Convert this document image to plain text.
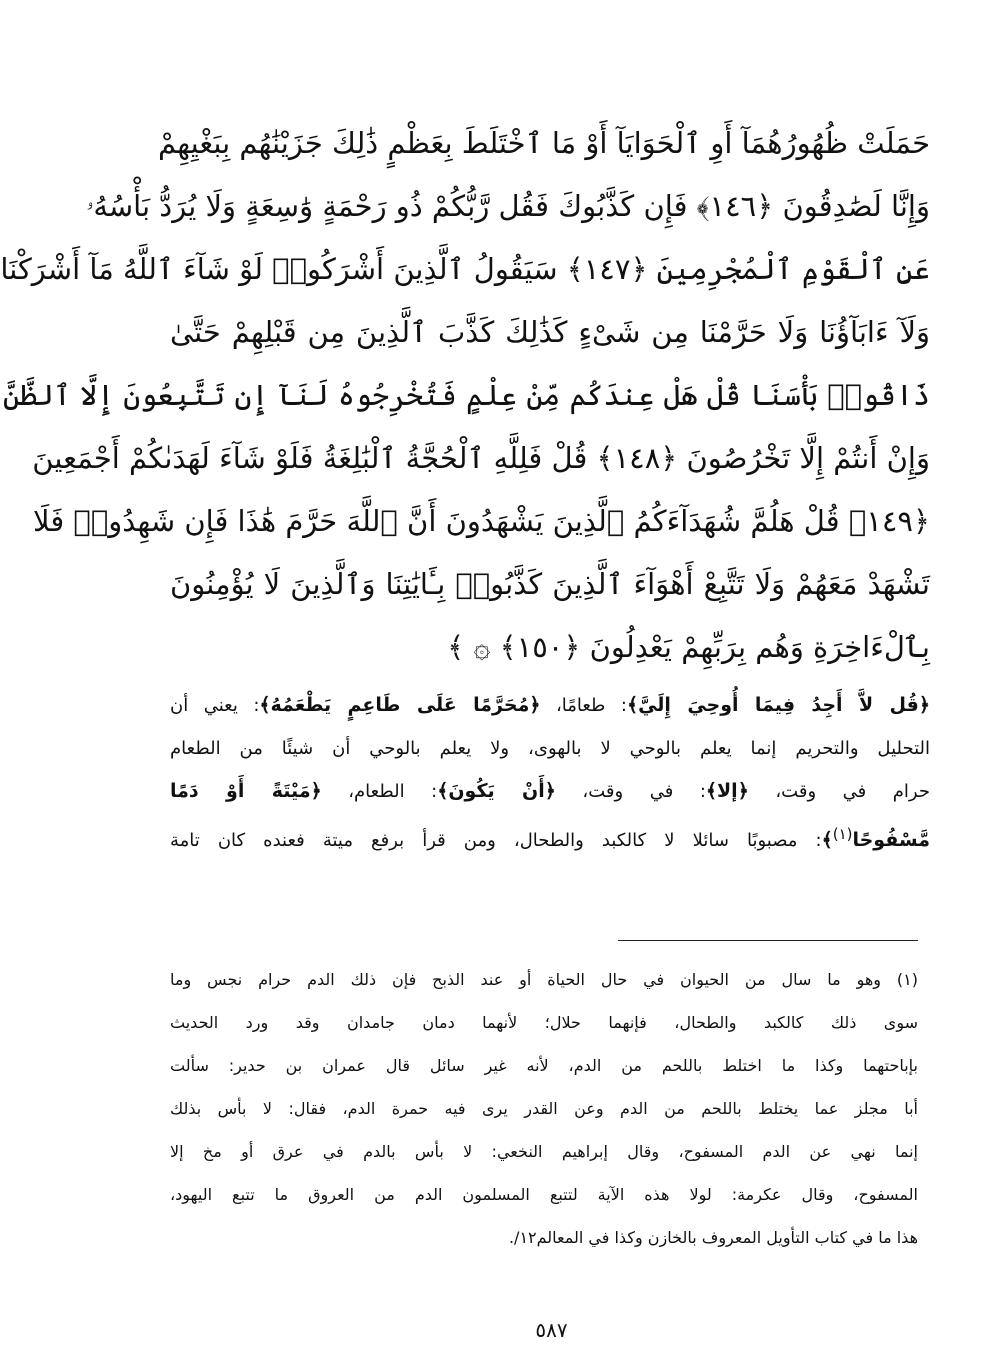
حَمَلَتْ ظُهُورُهُمَآ أَوِ ٱلْحَوَايَآ أَوْ مَا ٱخْتَلَطَ بِعَظْمٍ ذَٰلِكَ جَزَيْنَٰهُم بِبَغْيِهِمْ
وَإِنَّا لَصَٰدِقُونَ ﴿١٤٦﴾ فَإِن كَذَّبُوكَ فَقُل رَّبُّكُمْ ذُو رَحْمَةٍ وَٰسِعَةٍ وَلَا يُرَدُّ بَأْسُهُۥ
عَنِ ٱلْقَوْمِ ٱلْمُجْرِمِينَ ﴿١٤٧﴾ سَيَقُولُ ٱلَّذِينَ أَشْرَكُوا۟ لَوْ شَآءَ ٱللَّهُ مَآ أَشْرَكْنَا
وَلَآ ءَابَآؤُنَا وَلَا حَرَّمْنَا مِن شَىْءٍ كَذَٰلِكَ كَذَّبَ ٱلَّذِينَ مِن قَبْلِهِمْ حَتَّىٰ
ذَاقُوا۟ بَأْسَنَا قُلْ هَلْ عِندَكُم مِّنْ عِلْمٍ فَتُخْرِجُوهُ لَنَآ إِن تَتَّبِعُونَ إِلَّا ٱلظَّنَّ
وَإِنْ أَنتُمْ إِلَّا تَخْرُصُونَ ﴿١٤٨﴾ قُلْ فَلِلَّهِ ٱلْحُجَّةُ ٱلْبَٰلِغَةُ فَلَوْ شَآءَ لَهَدَىٰكُمْ أَجْمَعِينَ
﴿١٤٩﴾ قُلْ هَلُمَّ شُهَدَآءَكُمُ ٱلَّذِينَ يَشْهَدُونَ أَنَّ ٱللَّهَ حَرَّمَ هَٰذَا فَإِن شَهِدُوا۟ فَلَا
تَشْهَدْ مَعَهُمْ وَلَا تَتَّبِعْ أَهْوَآءَ ٱلَّذِينَ كَذَّبُوا۟ بِـَٔايَٰتِنَا وَٱلَّذِينَ لَا يُؤْمِنُونَ
بِٱلْءَاخِرَةِ وَهُم بِرَبِّهِمْ يَعْدِلُونَ ﴿١٥٠﴾ ۞ ﴾
﴿قُل لاَّ أَجِدُ فِيمَا أُوحِيَ إِلَيَّ﴾: طعامًا، ﴿مُحَرَّمًا عَلَى طَاعِمٍ يَطْعَمُهُ﴾: يعني أن
التحليل والتحريم إنما يعلم بالوحي لا بالهوى، ولا يعلم بالوحي أن شيئًا من الطعام
حرام في وقت، ﴿إلا﴾: في وقت، ﴿أَنْ يَكُونَ﴾: الطعام، ﴿مَيْتَةً أَوْ دَمًا
مَّسْفُوحًا$^{(١)}$﴾: مصبوبًا سائلا لا كالكبد والطحال، ومن قرأ برفع ميتة فعنده كان تامة
(١) وهو ما سال من الحيوان في حال الحياة أو عند الذبح فإن ذلك الدم حرام نجس وما
سوى ذلك كالكبد والطحال، فإنهما حلال؛ لأنهما دمان جامدان وقد ورد الحديث
بإباحتهما وكذا ما اختلط باللحم من الدم، لأنه غير سائل قال عمران بن حدير: سألت
أبا مجلز عما يختلط باللحم من الدم وعن القدر يرى فيه حمرة الدم، فقال: لا بأس بذلك
إنما نهي عن الدم المسفوح، وقال إبراهيم النخعي: لا بأس بالدم في عرق أو مخ إلا
المسفوح، وقال عكرمة: لولا هذه الآية لتتبع المسلمون الدم من العروق ما تتبع اليهود،
هذا ما في كتاب التأويل المعروف بالخازن وكذا في المعالم١٢/.
٥٨٧
